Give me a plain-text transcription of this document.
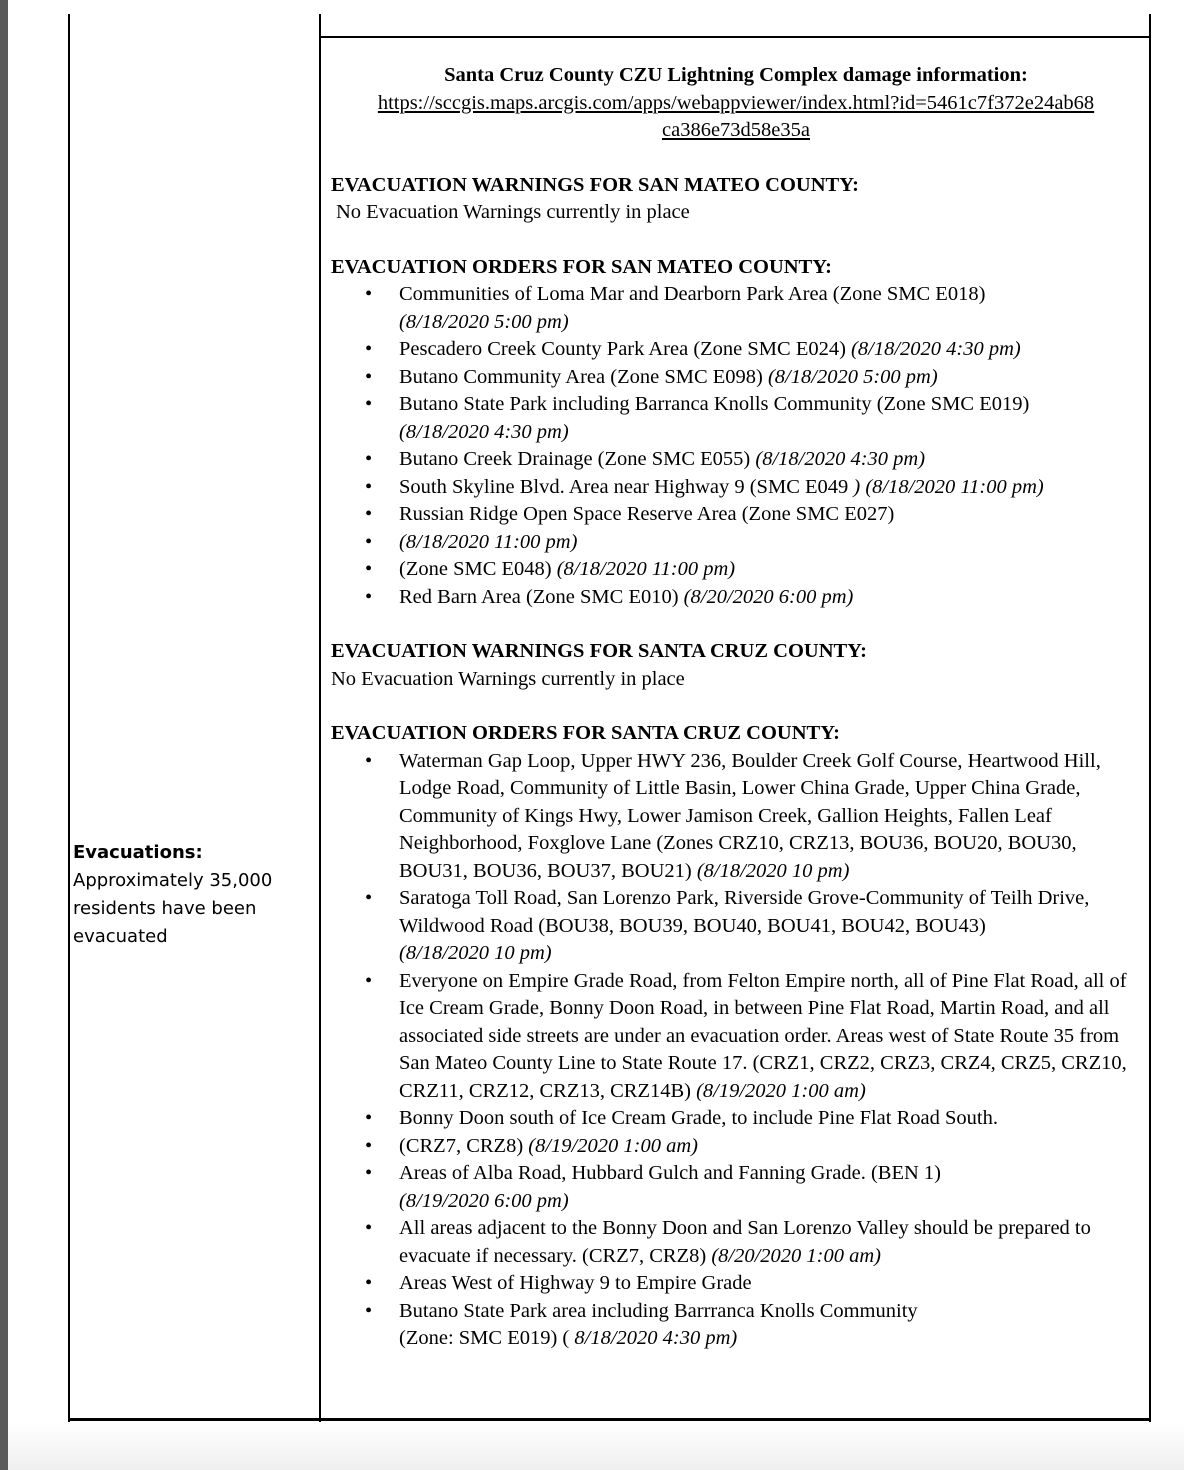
Evacuations:
Approximately 35,000 residents have been evacuated
Santa Cruz County CZU Lightning Complex damage information:
https://sccgis.maps.arcgis.com/apps/webappviewer/index.html?id=5461c7f372e24ab68
ca386e73d58e35a
EVACUATION WARNINGS FOR SAN MATEO COUNTY:
No Evacuation Warnings currently in place
EVACUATION ORDERS FOR SAN MATEO COUNTY:
• Communities of Loma Mar and Dearborn Park Area (Zone SMC E018)
(8/18/2020 5:00 pm)
• Pescadero Creek County Park Area (Zone SMC E024) (8/18/2020 4:30 pm)
• Butano Community Area (Zone SMC E098) (8/18/2020 5:00 pm)
• Butano State Park including Barranca Knolls Community (Zone SMC E019)
(8/18/2020 4:30 pm)
• Butano Creek Drainage (Zone SMC E055) (8/18/2020 4:30 pm)
• South Skyline Blvd. Area near Highway 9 (SMC E049 ) (8/18/2020 11:00 pm)
• Russian Ridge Open Space Reserve Area (Zone SMC E027)
• (8/18/2020 11:00 pm)
• (Zone SMC E048) (8/18/2020 11:00 pm)
• Red Barn Area (Zone SMC E010) (8/20/2020 6:00 pm)
EVACUATION WARNINGS FOR SANTA CRUZ COUNTY:
No Evacuation Warnings currently in place
EVACUATION ORDERS FOR SANTA CRUZ COUNTY:
• Waterman Gap Loop, Upper HWY 236, Boulder Creek Golf Course, Heartwood Hill, Lodge Road, Community of Little Basin, Lower China Grade, Upper China Grade, Community of Kings Hwy, Lower Jamison Creek, Gallion Heights, Fallen Leaf Neighborhood, Foxglove Lane (Zones CRZ10, CRZ13, BOU36, BOU20, BOU30, BOU31, BOU36, BOU37, BOU21) (8/18/2020 10 pm)
• Saratoga Toll Road, San Lorenzo Park, Riverside Grove-Community of Teilh Drive, Wildwood Road (BOU38, BOU39, BOU40, BOU41, BOU42, BOU43)
(8/18/2020 10 pm)
• Everyone on Empire Grade Road, from Felton Empire north, all of Pine Flat Road, all of Ice Cream Grade, Bonny Doon Road, in between Pine Flat Road, Martin Road, and all associated side streets are under an evacuation order. Areas west of State Route 35 from San Mateo County Line to State Route 17. (CRZ1, CRZ2, CRZ3, CRZ4, CRZ5, CRZ10, CRZ11, CRZ12, CRZ13, CRZ14B) (8/19/2020 1:00 am)
• Bonny Doon south of Ice Cream Grade, to include Pine Flat Road South.
• (CRZ7, CRZ8) (8/19/2020 1:00 am)
• Areas of Alba Road, Hubbard Gulch and Fanning Grade. (BEN 1)
(8/19/2020 6:00 pm)
• All areas adjacent to the Bonny Doon and San Lorenzo Valley should be prepared to evacuate if necessary. (CRZ7, CRZ8) (8/20/2020 1:00 am)
• Areas West of Highway 9 to Empire Grade
• Butano State Park area including Barrranca Knolls Community
(Zone: SMC E019) ( 8/18/2020 4:30 pm)
